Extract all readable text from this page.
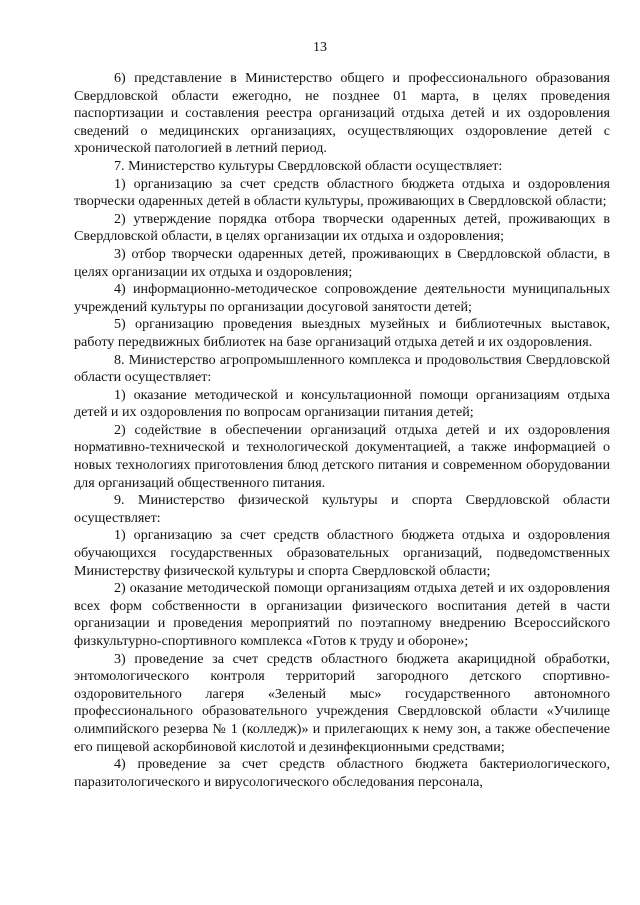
13

6) представление в Министерство общего и профессионального образования Свердловской области ежегодно, не позднее 01 марта, в целях проведения паспортизации и составления реестра организаций отдыха детей и их оздоровления сведений о медицинских организациях, осуществляющих оздоровление детей с хронической патологией в летний период.

7. Министерство культуры Свердловской области осуществляет:

1) организацию за счет средств областного бюджета отдыха и оздоровления творчески одаренных детей в области культуры, проживающих в Свердловской области;

2) утверждение порядка отбора творчески одаренных детей, проживающих в Свердловской области, в целях организации их отдыха и оздоровления;

3) отбор творчески одаренных детей, проживающих в Свердловской области, в целях организации их отдыха и оздоровления;

4) информационно-методическое сопровождение деятельности муниципальных учреждений культуры по организации досуговой занятости детей;

5) организацию проведения выездных музейных и библиотечных выставок, работу передвижных библиотек на базе организаций отдыха детей и их оздоровления.

8. Министерство агропромышленного комплекса и продовольствия Свердловской области осуществляет:

1) оказание методической и консультационной помощи организациям отдыха детей и их оздоровления по вопросам организации питания детей;

2) содействие в обеспечении организаций отдыха детей и их оздоровления нормативно-технической и технологической документацией, а также информацией о новых технологиях приготовления блюд детского питания и современном оборудовании для организаций общественного питания.

9. Министерство физической культуры и спорта Свердловской области осуществляет:

1) организацию за счет средств областного бюджета отдыха и оздоровления обучающихся государственных образовательных организаций, подведомственных Министерству физической культуры и спорта Свердловской области;

2) оказание методической помощи организациям отдыха детей и их оздоровления всех форм собственности в организации физического воспитания детей в части организации и проведения мероприятий по поэтапному внедрению Всероссийского физкультурно-спортивного комплекса «Готов к труду и обороне»;

3) проведение за счет средств областного бюджета акарицидной обработки, энтомологического контроля территорий загородного детского спортивно-оздоровительного лагеря «Зеленый мыс» государственного автономного профессионального образовательного учреждения Свердловской области «Училище олимпийского резерва № 1 (колледж)» и прилегающих к нему зон, а также обеспечение его пищевой аскорбиновой кислотой и дезинфекционными средствами;

4) проведение за счет средств областного бюджета бактериологического, паразитологического и вирусологического обследования персонала,
